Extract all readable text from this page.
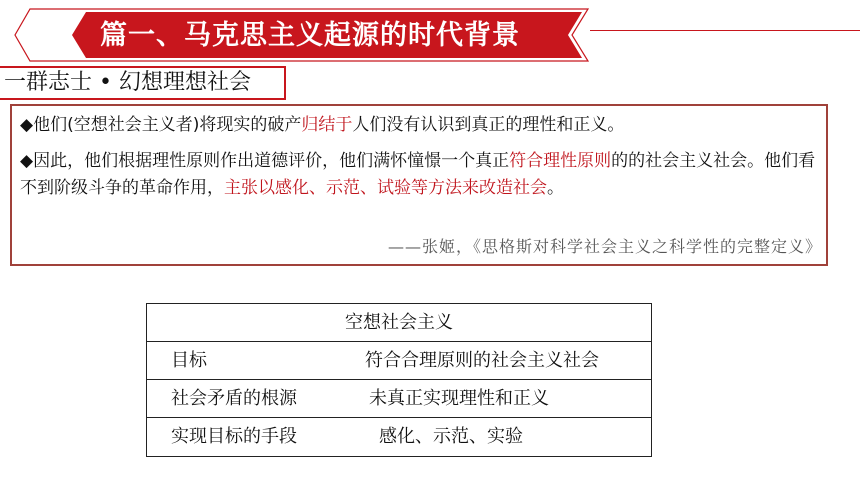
篇一、马克思主义起源的时代背景
一群志士 • 幻想理想社会
◆他们(空想社会主义者)将现实的破产归结于人们没有认识到真正的理性和正义。
◆因此，他们根据理性原则作出道德评价，他们满怀憧憬一个真正符合理性原则的的社会主义社会。他们看不到阶级斗争的革命作用，主张以感化、示范、试验等方法来改造社会。
——张姬，《思格斯对科学社会主义之科学性的完整定义》
空想社会主义
目标	符合合理原则的社会主义社会
社会矛盾的根源	未真正实现理性和正义
实现目标的手段	感化、示范、实验
